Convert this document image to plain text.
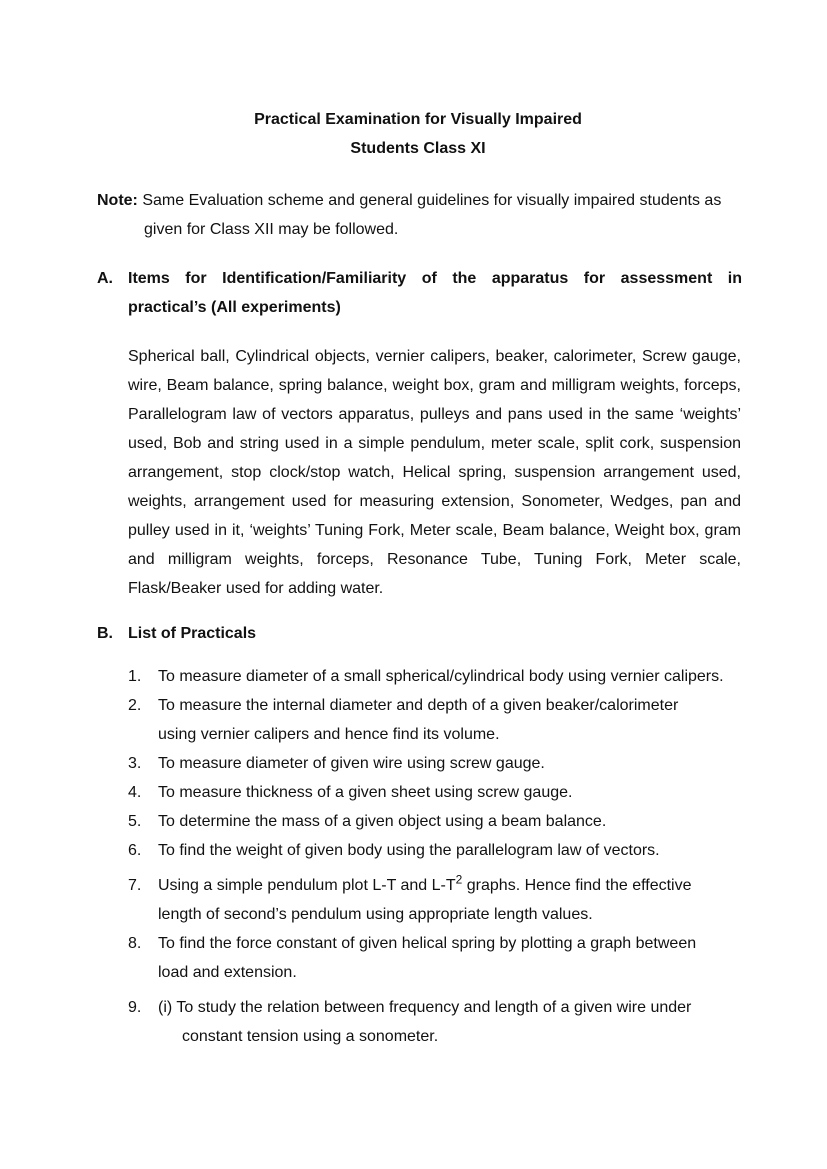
Practical Examination for Visually Impaired
Students Class XI
Note: Same Evaluation scheme and general guidelines for visually impaired students as
given for Class XII may be followed.
A. Items for Identification/Familiarity of the apparatus for assessment in
practical’s (All experiments)
Spherical ball, Cylindrical objects, vernier calipers, beaker, calorimeter, Screw gauge, wire, Beam balance, spring balance, weight box, gram and milligram weights, forceps, Parallelogram law of vectors apparatus, pulleys and pans used in the same ‘weights’ used, Bob and string used in a simple pendulum, meter scale, split cork, suspension arrangement, stop clock/stop watch, Helical spring, suspension arrangement used, weights, arrangement used for measuring extension, Sonometer, Wedges, pan and pulley used in it, ‘weights’ Tuning Fork, Meter scale, Beam balance, Weight box, gram and milligram weights, forceps, Resonance Tube, Tuning Fork, Meter scale, Flask/Beaker used for adding water.
B. List of Practicals
1. To measure diameter of a small spherical/cylindrical body using vernier calipers.
2. To measure the internal diameter and depth of a given beaker/calorimeter
using vernier calipers and hence find its volume.
3. To measure diameter of given wire using screw gauge.
4. To measure thickness of a given sheet using screw gauge.
5. To determine the mass of a given object using a beam balance.
6. To find the weight of given body using the parallelogram law of vectors.
7. Using a simple pendulum plot L-T and $L-T^2$ graphs. Hence find the effective
length of second’s pendulum using appropriate length values.
8. To find the force constant of given helical spring by plotting a graph between
load and extension.
9. (i) To study the relation between frequency and length of a given wire under
constant tension using a sonometer.
